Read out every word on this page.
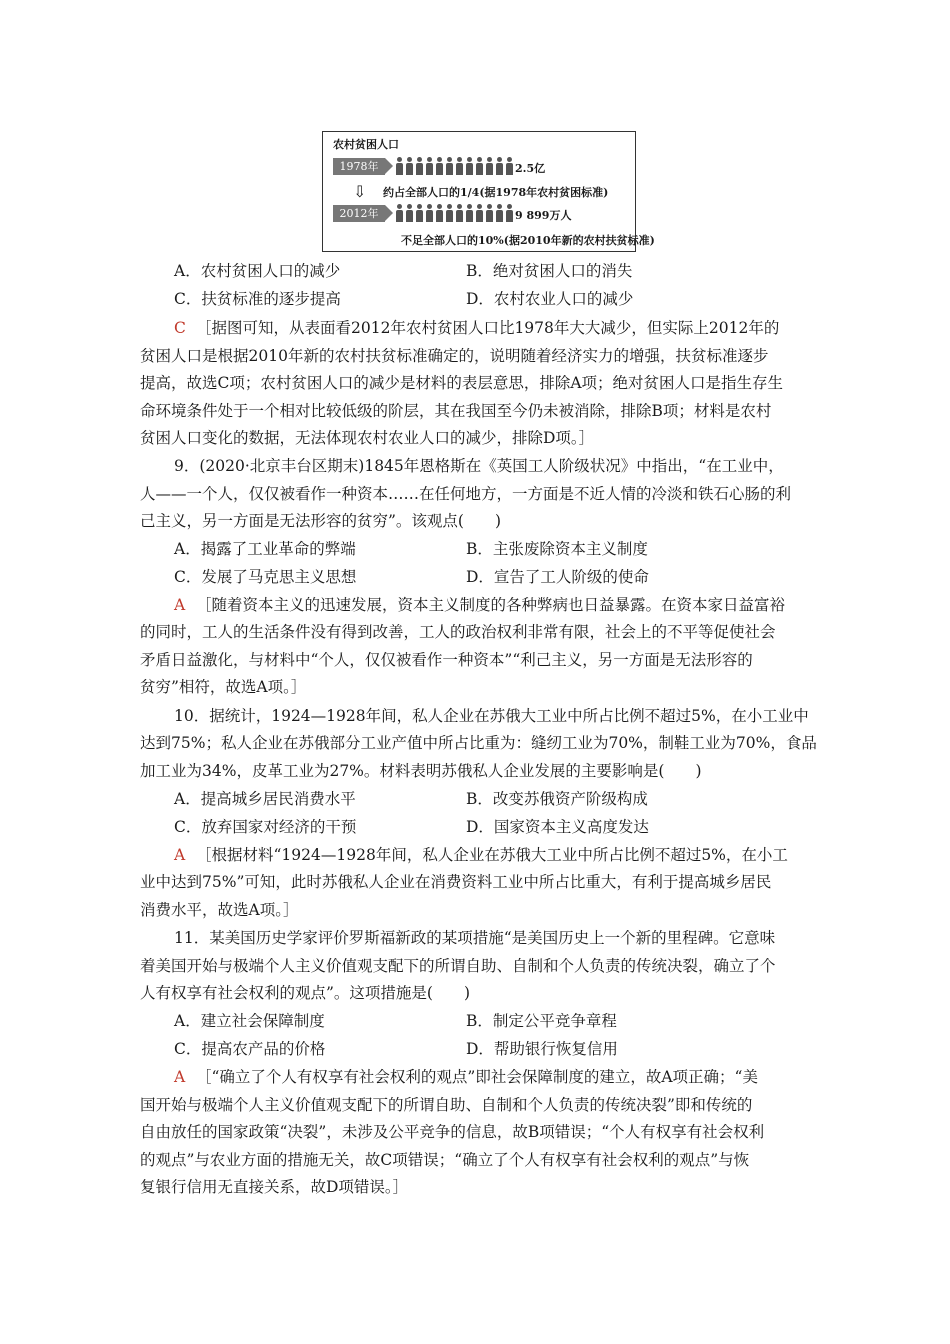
农村贫困人口
1978年	2.5亿
⇩ 约占全部人口的1/4(据1978年农村贫困标准)
2012年	9 899万人
不足全部人口的10%(据2010年新的农村扶贫标准)
A．农村贫困人口的减少	B．绝对贫困人口的消失
C．扶贫标准的逐步提高	D．农村农业人口的减少
C ［据图可知，从表面看2012年农村贫困人口比1978年大大减少，但实际上2012年的
贫困人口是根据2010年新的农村扶贫标准确定的，说明随着经济实力的增强，扶贫标准逐步
提高，故选C项；农村贫困人口的减少是材料的表层意思，排除A项；绝对贫困人口是指生存生
命环境条件处于一个相对比较低级的阶层，其在我国至今仍未被消除，排除B项；材料是农村
贫困人口变化的数据，无法体现农村农业人口的减少，排除D项。］
9．(2020·北京丰台区期末)1845年恩格斯在《英国工人阶级状况》中指出，“在工业中，
人——一个人，仅仅被看作一种资本……在任何地方，一方面是不近人情的冷淡和铁石心肠的利
己主义，另一方面是无法形容的贫穷”。该观点(　　)
A．揭露了工业革命的弊端	B．主张废除资本主义制度
C．发展了马克思主义思想	D．宣告了工人阶级的使命
A ［随着资本主义的迅速发展，资本主义制度的各种弊病也日益暴露。在资本家日益富裕
的同时，工人的生活条件没有得到改善，工人的政治权利非常有限，社会上的不平等促使社会
矛盾日益激化，与材料中“个人，仅仅被看作一种资本”“利己主义，另一方面是无法形容的
贫穷”相符，故选A项。］
10．据统计，1924—1928年间，私人企业在苏俄大工业中所占比例不超过5%，在小工业中
达到75%；私人企业在苏俄部分工业产值中所占比重为：缝纫工业为70%，制鞋工业为70%，食品
加工业为34%，皮革工业为27%。材料表明苏俄私人企业发展的主要影响是(　　)
A．提高城乡居民消费水平	B．改变苏俄资产阶级构成
C．放弃国家对经济的干预	D．国家资本主义高度发达
A ［根据材料“1924—1928年间，私人企业在苏俄大工业中所占比例不超过5%，在小工
业中达到75%”可知，此时苏俄私人企业在消费资料工业中所占比重大，有利于提高城乡居民
消费水平，故选A项。］
11．某美国历史学家评价罗斯福新政的某项措施“是美国历史上一个新的里程碑。它意味
着美国开始与极端个人主义价值观支配下的所谓自助、自制和个人负责的传统决裂，确立了个
人有权享有社会权利的观点”。这项措施是(　　)
A．建立社会保障制度	B．制定公平竞争章程
C．提高农产品的价格	D．帮助银行恢复信用
A ［“确立了个人有权享有社会权利的观点”即社会保障制度的建立，故A项正确；“美
国开始与极端个人主义价值观支配下的所谓自助、自制和个人负责的传统决裂”即和传统的
自由放任的国家政策“决裂”，未涉及公平竞争的信息，故B项错误；“个人有权享有社会权利
的观点”与农业方面的措施无关，故C项错误；“确立了个人有权享有社会权利的观点”与恢
复银行信用无直接关系，故D项错误。］
